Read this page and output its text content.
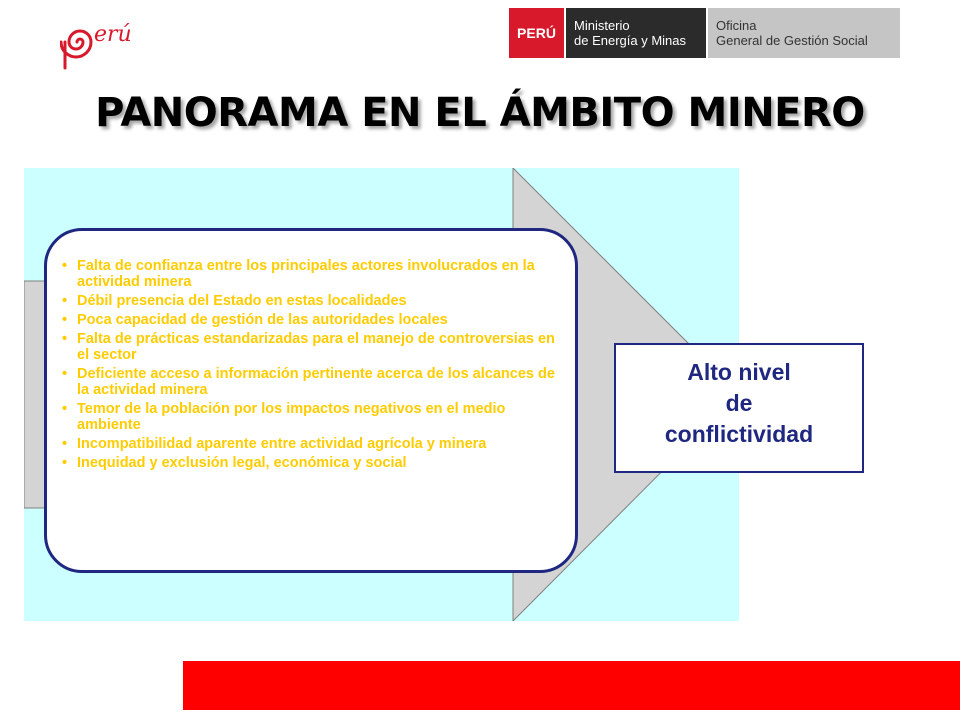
erú	PERÚ	Ministerio
de Energía y Minas
Oficina
General de Gestión Social
PANORAMA EN EL ÁMBITO MINERO
• Falta de confianza entre los principales actores involucrados en la actividad minera
• Débil presencia del Estado en estas localidades
• Poca capacidad de gestión de las autoridades locales
• Falta de prácticas estandarizadas para el manejo de controversias en el sector
• Deficiente acceso a información pertinente acerca de los alcances de la actividad minera
• Temor de la población por los impactos negativos en el medio ambiente
• Incompatibilidad aparente entre actividad agrícola y minera
• Inequidad y exclusión legal, económica y social
Alto nivel
de
conflictividad
